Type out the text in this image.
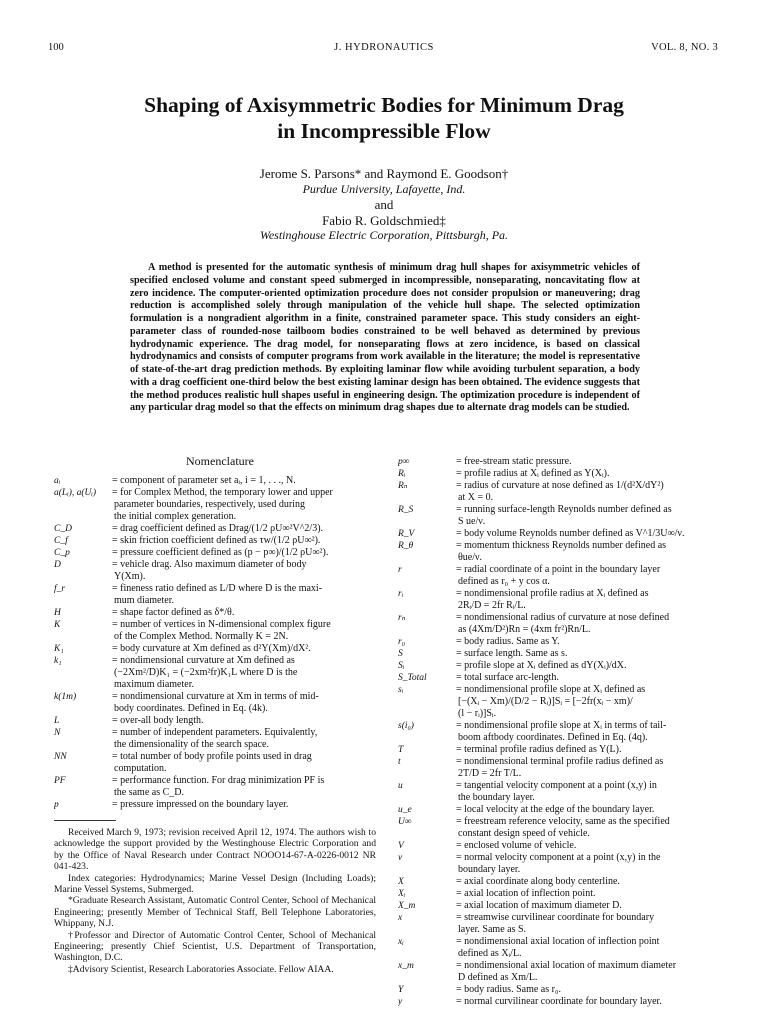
100	J. HYDRONAUTICS	VOL. 8, NO. 3
Shaping of Axisymmetric Bodies for Minimum Drag
in Incompressible Flow
Jerome S. Parsons* and Raymond E. Goodson†
Purdue University, Lafayette, Ind.
and
Fabio R. Goldschmied‡
Westinghouse Electric Corporation, Pittsburgh, Pa.

A method is presented for the automatic synthesis of minimum drag hull shapes for axisymmetric vehicles of specified enclosed volume and constant speed submerged in incompressible, nonseparating, noncavitating flow at zero incidence. The computer-oriented optimization procedure does not consider propulsion or maneuvering; drag reduction is accomplished solely through manipulation of the vehicle hull shape. The selected optimization formulation is a nongradient algorithm in a finite, constrained parameter space. This study considers an eight-parameter class of rounded-nose tailboom bodies constrained to be well behaved as determined by previous hydrodynamic experience. The drag model, for nonseparating flows at zero incidence, is based on classical hydrodynamics and consists of computer programs from work available in the literature; the model is representative of state-of-the-art drag prediction methods. By exploiting laminar flow while avoiding turbulent separation, a body with a drag coefficient one-third below the best existing laminar design has been obtained. The evidence suggests that the method produces realistic hull shapes useful in engineering design. The optimization procedure is independent of any particular drag model so that the effects on minimum drag shapes due to alternate drag models can be studied.

Nomenclature
aᵢ	= component of parameter set aᵢ, i = 1, . . ., N.
a(Lᵢ), a(Uᵢ)	= for Complex Method, the temporary lower and upper
parameter boundaries, respectively, used during
the initial complex generation.
C_D	= drag coefficient defined as Drag/(1/2 ρU∞²V^2/3).
C_f	= skin friction coefficient defined as τw/(1/2 ρU∞²).
C_p	= pressure coefficient defined as (p − p∞)/(1/2 ρU∞²).
D	= vehicle drag. Also maximum diameter of body
Y(Xm).
f_r	= fineness ratio defined as L/D where D is the maxi-
mum diameter.
H	= shape factor defined as δ*/θ.
K	= number of vertices in N-dimensional complex figure
of the Complex Method. Normally K = 2N.
K₁	= body curvature at Xm defined as d²Y(Xm)/dX².
k₁	= nondimensional curvature at Xm defined as
(−2Xm²/D)K₁ = (−2xm²fr)K₁L where D is the
maximum diameter.
k(1m)	= nondimensional curvature at Xm in terms of mid-
body coordinates. Defined in Eq. (4k).
L	= over-all body length.
N	= number of independent parameters. Equivalently,
the dimensionality of the search space.
NN	= total number of body profile points used in drag
computation.
PF	= performance function. For drag minimization PF is
the same as C_D.
p	= pressure impressed on the boundary layer.

Received March 9, 1973; revision received April 12, 1974. The authors wish to acknowledge the support provided by the Westinghouse Electric Corporation and by the Office of Naval Research under Contract NOOO14-67-A-0226-0012 NR 041-423.

Index categories: Hydrodynamics; Marine Vessel Design (Including Loads); Marine Vessel Systems, Submerged.

*Graduate Research Assistant, Automatic Control Center, School of Mechanical Engineering; presently Member of Technical Staff, Bell Telephone Laboratories, Whippany, N.J.

†Professor and Director of Automatic Control Center, School of Mechanical Engineering; presently Chief Scientist, U.S. Department of Transportation, Washington, D.C.

‡Advisory Scientist, Research Laboratories Associate. Fellow AIAA.

p∞	= free-stream static pressure.
Rᵢ	= profile radius at Xᵢ defined as Y(Xᵢ).
Rₙ	= radius of curvature at nose defined as 1/(d²X/dY²)
at X = 0.
R_S	= running surface-length Reynolds number defined as
S ue/ν.
R_V	= body volume Reynolds number defined as V^1/3U∞/ν.
R_θ	= momentum thickness Reynolds number defined as
θue/ν.
r	= radial coordinate of a point in the boundary layer
defined as r₀ + y cos α.
rᵢ	= nondimensional profile radius at Xᵢ defined as
2Rᵢ/D = 2fr Rᵢ/L.
rₙ	= nondimensional radius of curvature at nose defined
as (4Xm/D²)Rn = (4xm fr²)Rn/L.
r₀	= body radius. Same as Y.
S	= surface length. Same as s.
Sᵢ	= profile slope at Xᵢ defined as dY(Xᵢ)/dX.
S_Total	= total surface arc-length.
sᵢ	= nondimensional profile slope at Xᵢ defined as
[−(Xᵢ − Xm)/(D/2 − Rᵢ)]Sᵢ = [−2fr(xᵢ − xm)/
(l − rᵢ)]Sᵢ.
s(i₀)	= nondimensional profile slope at Xᵢ in terms of tail-
boom aftbody coordinates. Defined in Eq. (4q).
T	= terminal profile radius defined as Y(L).
t	= nondimensional terminal profile radius defined as
2T/D = 2fr T/L.
u	= tangential velocity component at a point (x,y) in
the boundary layer.
u_e	= local velocity at the edge of the boundary layer.
U∞	= freestream reference velocity, same as the specified
constant design speed of vehicle.
V	= enclosed volume of vehicle.
v	= normal velocity component at a point (x,y) in the
boundary layer.
X	= axial coordinate along body centerline.
Xᵢ	= axial location of inflection point.
X_m	= axial location of maximum diameter D.
x	= streamwise curvilinear coordinate for boundary
layer. Same as S.
xᵢ	= nondimensional axial location of inflection point
defined as Xᵢ/L.
x_m	= nondimensional axial location of maximum diameter
D defined as Xm/L.
Y	= body radius. Same as r₀.
y	= normal curvilinear coordinate for boundary layer.
